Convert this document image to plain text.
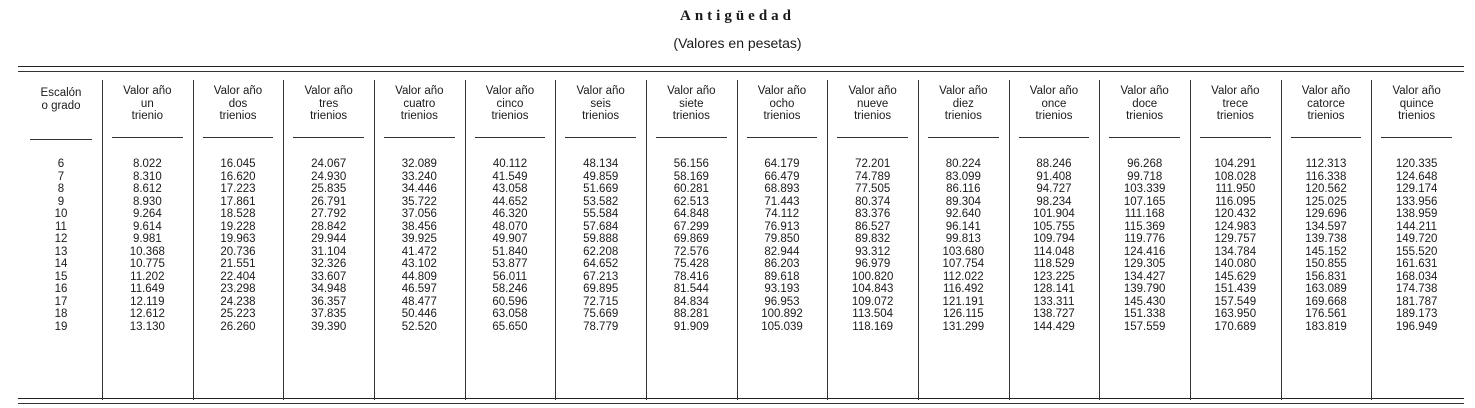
Antigüedad
(Valores en pesetas)
Escalón
o grado
6
7
8
9
10
11
12
13
14
15
16
17
18
19
Valor año
un
trienio
8.022
8.310
8.612
8.930
9.264
9.614
9.981
10.368
10.775
11.202
11.649
12.119
12.612
13.130
Valor año
dos
trienios
16.045
16.620
17.223
17.861
18.528
19.228
19.963
20.736
21.551
22.404
23.298
24.238
25.223
26.260
Valor año
tres
trienios
24.067
24.930
25.835
26.791
27.792
28.842
29.944
31.104
32.326
33.607
34.948
36.357
37.835
39.390
Valor año
cuatro
trienios
32.089
33.240
34.446
35.722
37.056
38.456
39.925
41.472
43.102
44.809
46.597
48.477
50.446
52.520
Valor año
cinco
trienios
40.112
41.549
43.058
44.652
46.320
48.070
49.907
51.840
53.877
56.011
58.246
60.596
63.058
65.650
Valor año
seis
trienios
48.134
49.859
51.669
53.582
55.584
57.684
59.888
62.208
64.652
67.213
69.895
72.715
75.669
78.779
Valor año
siete
trienios
56.156
58.169
60.281
62.513
64.848
67.299
69.869
72.576
75.428
78.416
81.544
84.834
88.281
91.909
Valor año
ocho
trienios
64.179
66.479
68.893
71.443
74.112
76.913
79.850
82.944
86.203
89.618
93.193
96.953
100.892
105.039
Valor año
nueve
trienios
72.201
74.789
77.505
80.374
83.376
86.527
89.832
93.312
96.979
100.820
104.843
109.072
113.504
118.169
Valor año
diez
trienios
80.224
83.099
86.116
89.304
92.640
96.141
99.813
103.680
107.754
112.022
116.492
121.191
126.115
131.299
Valor año
once
trienios
88.246
91.408
94.727
98.234
101.904
105.755
109.794
114.048
118.529
123.225
128.141
133.311
138.727
144.429
Valor año
doce
trienios
96.268
99.718
103.339
107.165
111.168
115.369
119.776
124.416
129.305
134.427
139.790
145.430
151.338
157.559
Valor año
trece
trienios
104.291
108.028
111.950
116.095
120.432
124.983
129.757
134.784
140.080
145.629
151.439
157.549
163.950
170.689
Valor año
catorce
trienios
112.313
116.338
120.562
125.025
129.696
134.597
139.738
145.152
150.855
156.831
163.089
169.668
176.561
183.819
Valor año
quince
trienios
120.335
124.648
129.174
133.956
138.959
144.211
149.720
155.520
161.631
168.034
174.738
181.787
189.173
196.949
